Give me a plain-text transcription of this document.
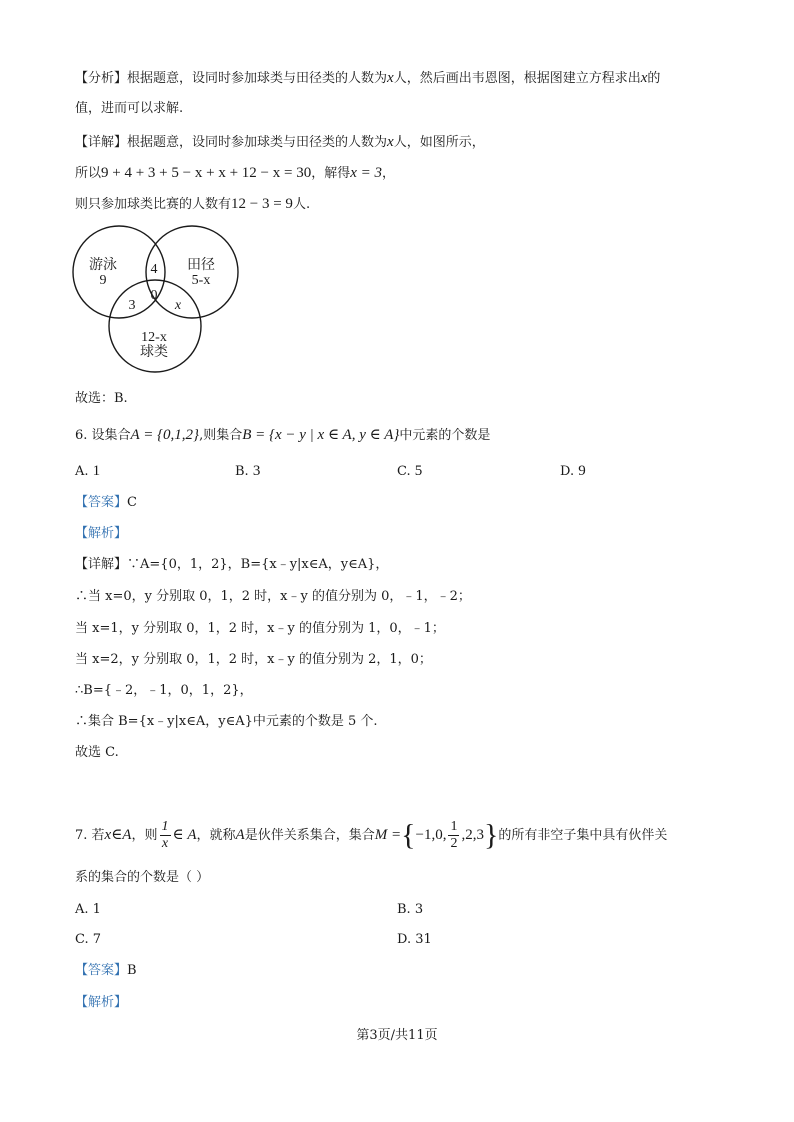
【分析】根据题意，设同时参加球类与田径类的人数为x人，然后画出韦恩图，根据图建立方程求出x的
值，进而可以求解.
【详解】根据题意，设同时参加球类与田径类的人数为x人，如图所示，
所以9 + 4 + 3 + 5 − x + x + 12 − x = 30，解得x = 3，
则只参加球类比赛的人数有12 − 3 = 9人.
游泳
9
田径
5-x
12-x
球类
4
3
0
x
故选：B.
6. 设集合A = {0,1,2},则集合B = {x − y | x ∈ A, y ∈ A}中元素的个数是
A. 1	B. 3	C. 5	D. 9
【答案】C
【解析】
【详解】∵A={0，1，2}，B={x﹣y|x∈A，y∈A}，
∴当 x=0，y 分别取 0，1，2 时，x﹣y 的值分别为 0，﹣1，﹣2；
当 x=1，y 分别取 0，1，2 时，x﹣y 的值分别为 1，0，﹣1；
当 x=2，y 分别取 0，1，2 时，x﹣y 的值分别为 2，1，0；
∴B={﹣2，﹣1，0，1，2}，
∴集合 B={x﹣y|x∈A，y∈A}中元素的个数是 5 个.
故选 C.
7. 若x∈A，则 $\frac{1}{x}$ ∈ A，就称A是伙伴关系集合，集合M ={−1,0, $\frac{1}{2} ,2,3$}的所有非空子集中具有伙伴关
系的集合的个数是（ ）
A. 1	B. 3
C. 7	D. 31
【答案】B
【解析】
第3页/共11页
